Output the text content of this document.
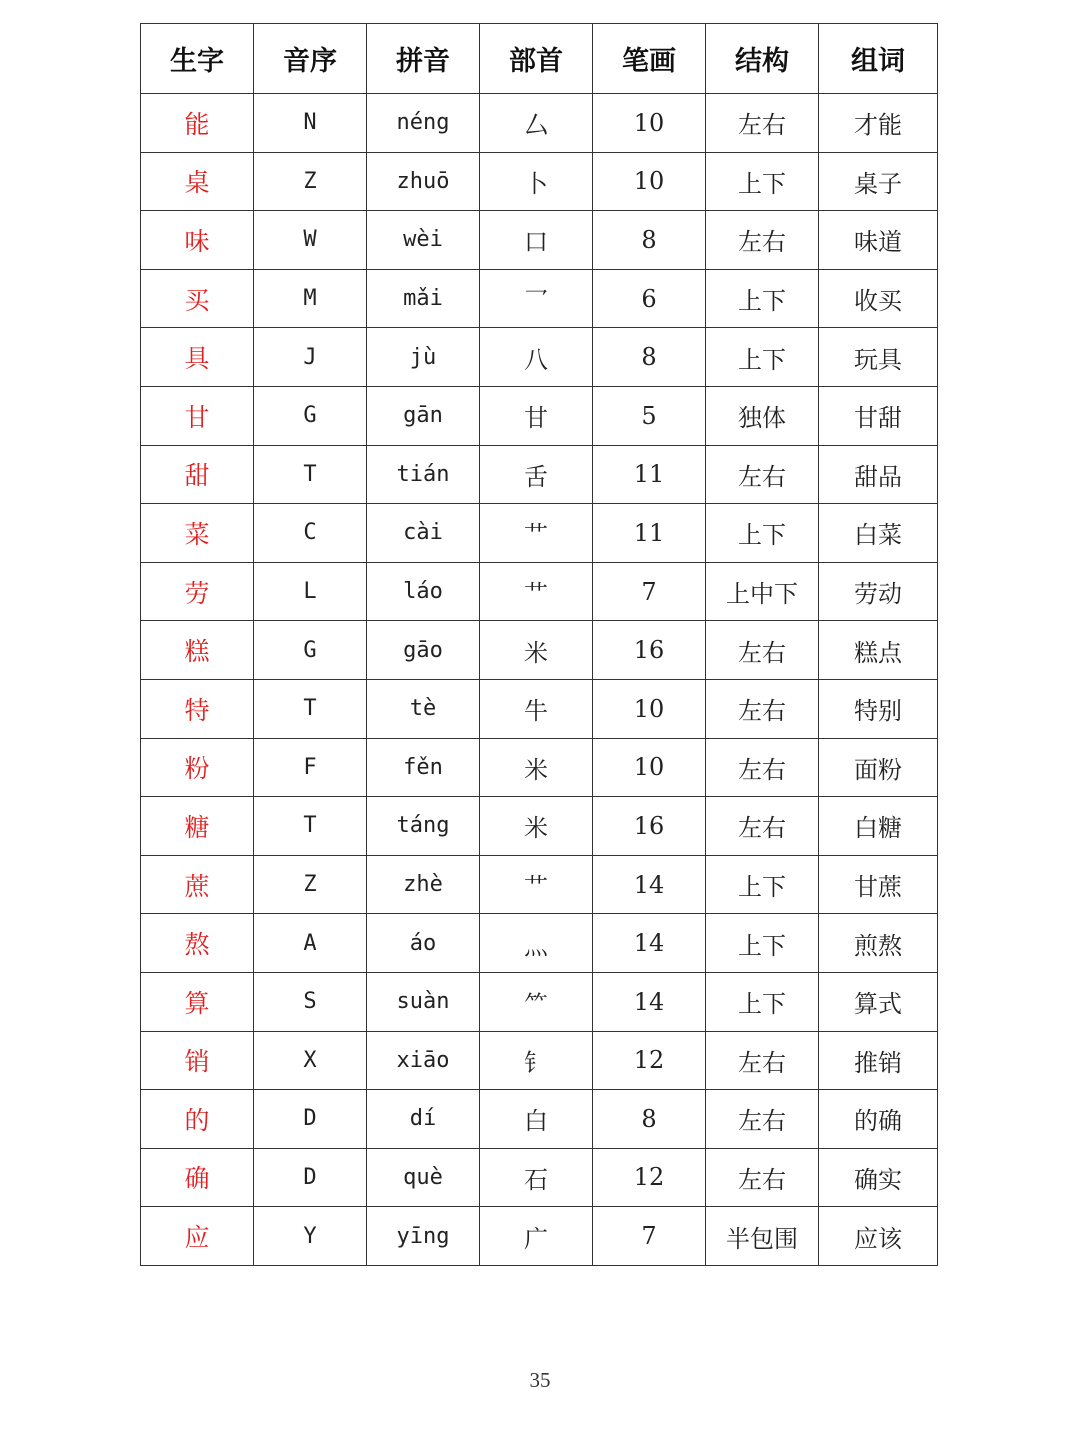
生字	音序	拼音	部首	笔画	结构	组词
能	N	néng	厶	10	左右	才能
桌	Z	zhuō	卜	10	上下	桌子
味	W	wèi	口	8	左右	味道
买	M	mǎi	乛	6	上下	收买
具	J	jù	八	8	上下	玩具
甘	G	gān	甘	5	独体	甘甜
甜	T	tián	舌	11	左右	甜品
菜	C	cài	艹	11	上下	白菜
劳	L	láo	艹	7	上中下	劳动
糕	G	gāo	米	16	左右	糕点
特	T	tè	牛	10	左右	特别
粉	F	fěn	米	10	左右	面粉
糖	T	táng	米	16	左右	白糖
蔗	Z	zhè	艹	14	上下	甘蔗
熬	A	áo	灬	14	上下	煎熬
算	S	suàn	⺮	14	上下	算式
销	X	xiāo	钅	12	左右	推销
的	D	dí	白	8	左右	的确
确	D	què	石	12	左右	确实
应	Y	yīng	广	7	半包围	应该
35
